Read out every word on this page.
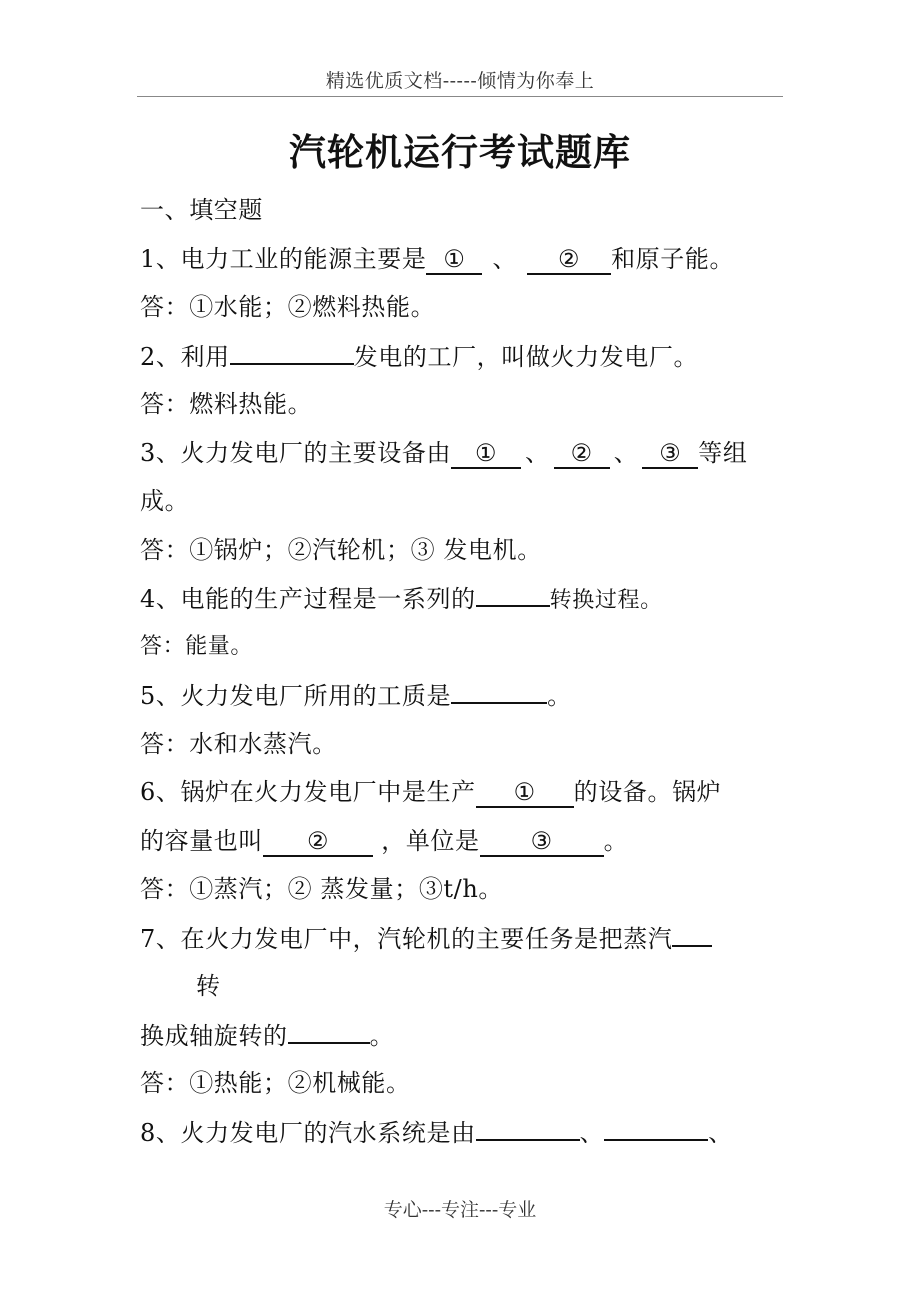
精选优质文档-----倾情为你奉上
汽轮机运行考试题库
一、填空题
1、电力工业的能源主要是 ① 、 ② 和原子能。
答：①水能；②燃料热能。
2、利用	发电的工厂，叫做火力发电厂。
答：燃料热能。
3、火力发电厂的主要设备由 ① 、 ② 、 ③ 等组
成。
答：①锅炉；②汽轮机；③ 发电机。
4、电能的生产过程是一系列的	转换过程。
答：能量。
5、火力发电厂所用的工质是	。
答：水和水蒸汽。
6、锅炉在火力发电厂中是生产 ① 的设备。锅炉
的容量也叫 ② ，单位是 ③ 。
答：①蒸汽；② 蒸发量；③t/h。
7、在火力发电厂中，汽轮机的主要任务是把蒸汽
转
换成轴旋转的	。
答：①热能；②机械能。
8、火力发电厂的汽水系统是由	、	、
专心---专注---专业
